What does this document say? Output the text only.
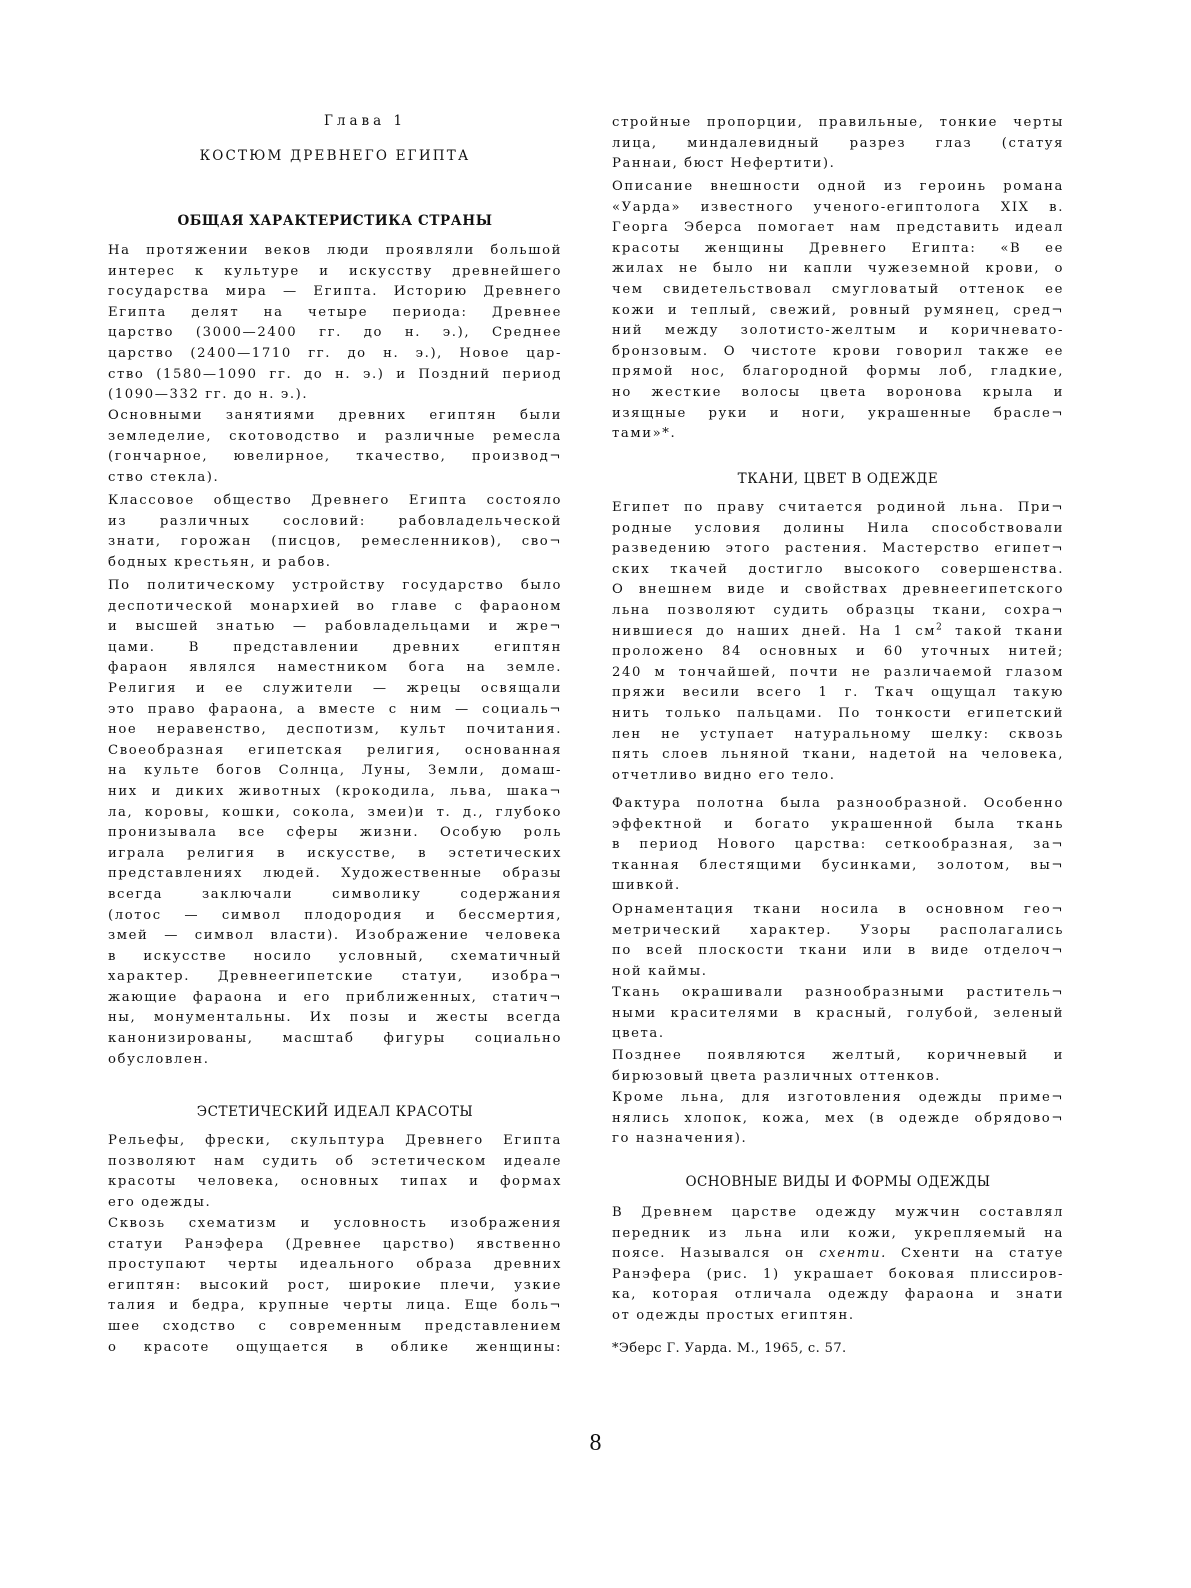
Глава 1
КОСТЮМ ДРЕВНЕГО ЕГИПТА
ОБЩАЯ ХАРАКТЕРИСТИКА СТРАНЫ
На протяжении веков люди проявляли большой
интерес к культуре и искусству древнейшего
государства мира — Египта. Историю Древнего
Египта делят на четыре периода: Древнее
царство (3000—2400 гг. до н. э.), Среднее
царство (2400—1710 гг. до н. э.), Новое цар-
ство (1580—1090 гг. до н. э.) и Поздний период
(1090—332 гг. до н. э.).
Основными занятиями древних египтян были
земледелие, скотоводство и различные ремесла
(гончарное, ювелирное, ткачество, производ¬
ство стекла).
Классовое общество Древнего Египта состояло
из различных сословий: рабовладельческой
знати, горожан (писцов, ремесленников), сво¬
бодных крестьян, и рабов.
По политическому устройству государство было
деспотической монархией во главе с фараоном
и высшей знатью — рабовладельцами и жре¬
цами. В представлении древних египтян
фараон являлся наместником бога на земле.
Религия и ее служители — жрецы освящали
это право фараона, а вместе с ним — социаль¬
ное неравенство, деспотизм, культ почитания.
Своеобразная египетская религия, основанная
на культе богов Солнца, Луны, Земли, домаш-
них и диких животных (крокодила, льва, шака¬
ла, коровы, кошки, сокола, змеи)и т. д., глубоко
пронизывала все сферы жизни. Особую роль
играла религия в искусстве, в эстетических
представлениях людей. Художественные образы
всегда заключали символику содержания
(лотос — символ плодородия и бессмертия,
змей — символ власти). Изображение человека
в искусстве носило условный, схематичный
характер. Древнеегипетские статуи, изобра¬
жающие фараона и его приближенных, статич¬
ны, монументальны. Их позы и жесты всегда
канонизированы, масштаб фигуры социально
обусловлен.
ЭСТЕТИЧЕСКИЙ ИДЕАЛ КРАСОТЫ
Рельефы, фрески, скульптура Древнего Египта
позволяют нам судить об эстетическом идеале
красоты человека, основных типах и формах
его одежды.
Сквозь схематизм и условность изображения
статуи Ранэфера (Древнее царство) явственно
проступают черты идеального образа древних
египтян: высокий рост, широкие плечи, узкие
талия и бедра, крупные черты лица. Еще боль¬
шее сходство с современным представлением
о красоте ощущается в облике женщины:
стройные пропорции, правильные, тонкие черты
лица, миндалевидный разрез глаз (статуя
Раннаи, бюст Нефертити).
Описание внешности одной из героинь романа
«Уарда» известного ученого-египтолога XIX в.
Георга Эберса помогает нам представить идеал
красоты женщины Древнего Египта: «В ее
жилах не было ни капли чужеземной крови, о
чем свидетельствовал смугловатый оттенок ее
кожи и теплый, свежий, ровный румянец, сред¬
ний между золотисто-желтым и коричневато-
бронзовым. О чистоте крови говорил также ее
прямой нос, благородной формы лоб, гладкие,
но жесткие волосы цвета воронова крыла и
изящные руки и ноги, украшенные брасле¬
тами»*.
ТКАНИ, ЦВЕТ В ОДЕЖДЕ
Египет по праву считается родиной льна. При¬
родные условия долины Нила способствовали
разведению этого растения. Мастерство египет¬
ских ткачей достигло высокого совершенства.
О внешнем виде и свойствах древнеегипетского
льна позволяют судить образцы ткани, сохра¬
нившиеся до наших дней. На 1 $см^2$ такой ткани
проложено 84 основных и 60 уточных нитей;
240 м тончайшей, почти не различаемой глазом
пряжи весили всего 1 г. Ткач ощущал такую
нить только пальцами. По тонкости египетский
лен не уступает натуральному шелку: сквозь
пять слоев льняной ткани, надетой на человека,
отчетливо видно его тело.
Фактура полотна была разнообразной. Особенно
эффектной и богато украшенной была ткань
в период Нового царства: сеткообразная, за¬
тканная блестящими бусинками, золотом, вы¬
шивкой.
Орнаментация ткани носила в основном гео¬
метрический характер. Узоры располагались
по всей плоскости ткани или в виде отделоч¬
ной каймы.
Ткань окрашивали разнообразными раститель¬
ными красителями в красный, голубой, зеленый
цвета.
Позднее появляются желтый, коричневый и
бирюзовый цвета различных оттенков.
Кроме льна, для изготовления одежды приме¬
нялись хлопок, кожа, мех (в одежде обрядово¬
го назначения).
ОСНОВНЫЕ ВИДЫ И ФОРМЫ ОДЕЖДЫ
В Древнем царстве одежду мужчин составлял
передник из льна или кожи, укрепляемый на
поясе. Назывался он схенти. Схенти на статуе
Ранэфера (рис. 1) украшает боковая плиссиров-
ка, которая отличала одежду фараона и знати
от одежды простых египтян.
*Эберс Г. Уарда. М., 1965, с. 57.
8
